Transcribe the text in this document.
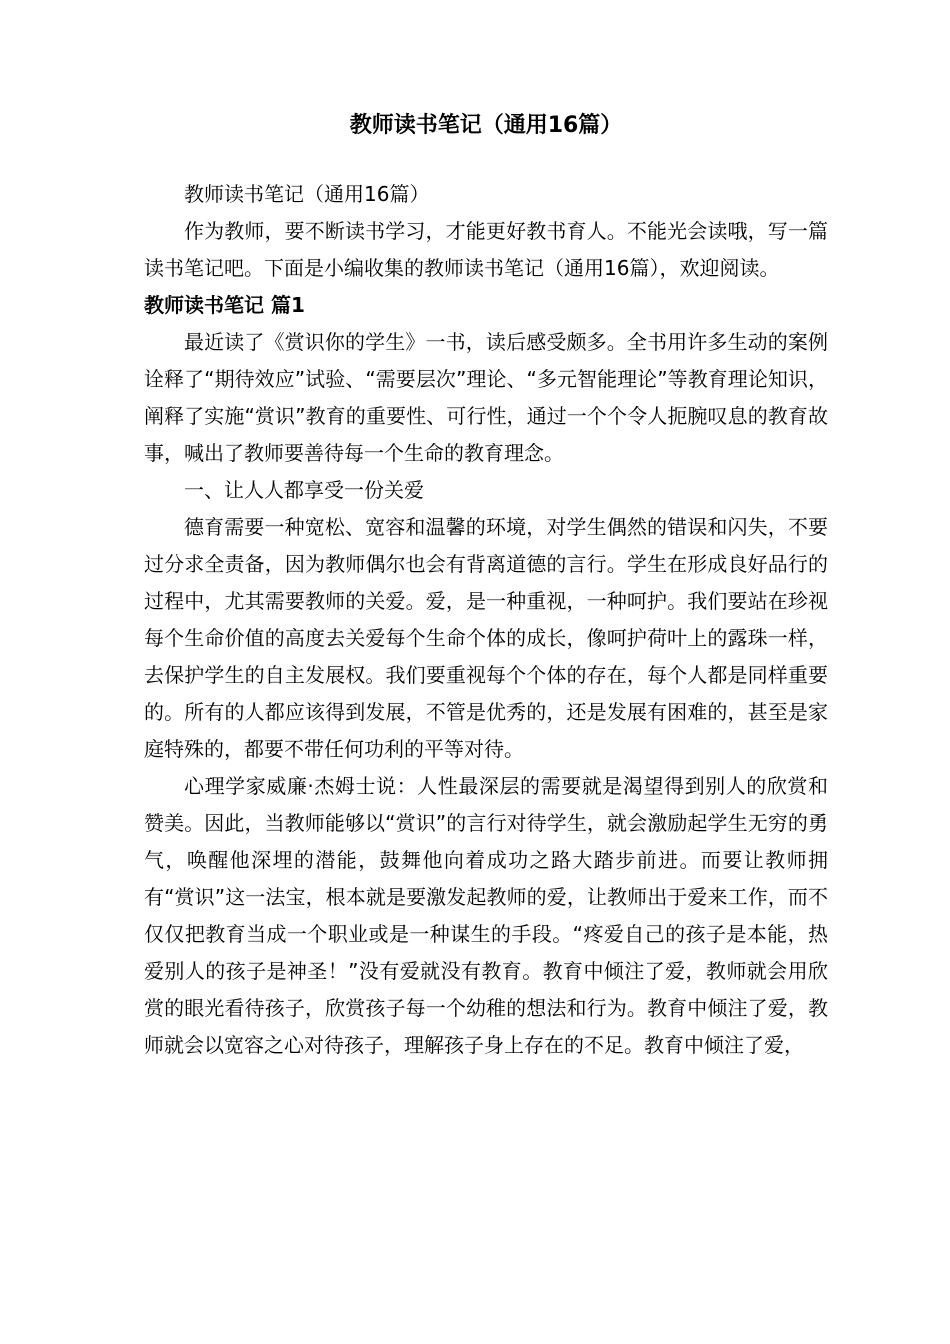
教师读书笔记（通用16篇）

教师读书笔记（通用16篇）

作为教师，要不断读书学习，才能更好教书育人。不能光会读哦，写一篇读书笔记吧。下面是小编收集的教师读书笔记（通用16篇），欢迎阅读。

教师读书笔记 篇1

最近读了《赏识你的学生》一书，读后感受颇多。全书用许多生动的案例诠释了“期待效应”试验、“需要层次”理论、“多元智能理论”等教育理论知识，阐释了实施“赏识”教育的重要性、可行性，通过一个个令人扼腕叹息的教育故事，喊出了教师要善待每一个生命的教育理念。

一、让人人都享受一份关爱

德育需要一种宽松、宽容和温馨的环境，对学生偶然的错误和闪失，不要过分求全责备，因为教师偶尔也会有背离道德的言行。学生在形成良好品行的过程中，尤其需要教师的关爱。爱，是一种重视，一种呵护。我们要站在珍视每个生命价值的高度去关爱每个生命个体的成长，像呵护荷叶上的露珠一样，去保护学生的自主发展权。我们要重视每个个体的存在，每个人都是同样重要的。所有的人都应该得到发展，不管是优秀的，还是发展有困难的，甚至是家庭特殊的，都要不带任何功利的平等对待。

心理学家威廉·杰姆士说：人性最深层的需要就是渴望得到别人的欣赏和赞美。因此，当教师能够以“赏识”的言行对待学生，就会激励起学生无穷的勇气，唤醒他深埋的潜能，鼓舞他向着成功之路大踏步前进。而要让教师拥有“赏识”这一法宝，根本就是要激发起教师的爱，让教师出于爱来工作，而不仅仅把教育当成一个职业或是一种谋生的手段。“疼爱自己的孩子是本能，热爱别人的孩子是神圣！”没有爱就没有教育。教育中倾注了爱，教师就会用欣赏的眼光看待孩子，欣赏孩子每一个幼稚的想法和行为。教育中倾注了爱，教师就会以宽容之心对待孩子，理解孩子身上存在的不足。教育中倾注了爱，
